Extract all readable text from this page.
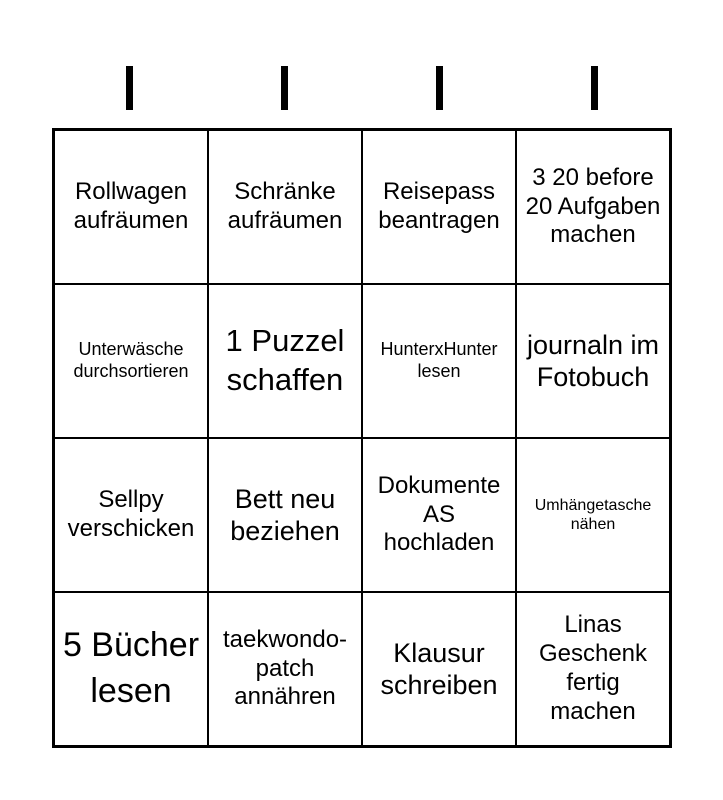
Rollwagen aufräumen
Schränke aufräumen
Reisepass beantragen
3 20 before 20 Aufgaben machen
Unterwäsche durchsortieren
1 Puzzel schaffen
HunterxHunter lesen
journaln im Fotobuch
Sellpy verschicken
Bett neu beziehen
Dokumente AS hochladen
Umhängetasche nähen
5 Bücher lesen
taekwondo-patch annähren
Klausur schreiben
Linas Geschenk fertig machen
